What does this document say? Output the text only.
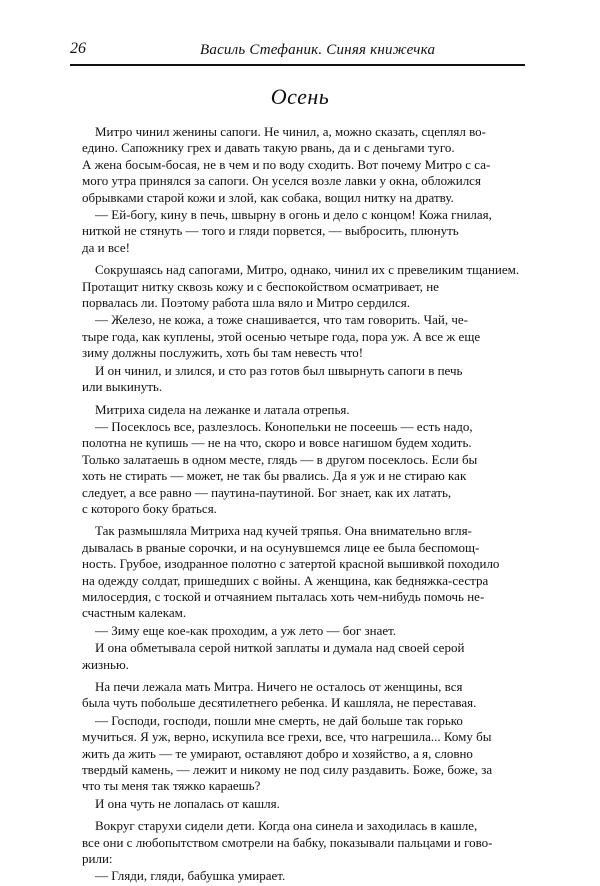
26	Василь Стефаник. Синяя книжечка
Осень
Митро чинил женины сапоги. Не чинил, а, можно сказать, сцеплял во-
едино. Сапожнику грех и давать такую рвань, да и с деньгами туго.
А жена босым-босая, не в чем и по воду сходить. Вот почему Митро с са-
мого утра принялся за сапоги. Он уселся возле лавки у окна, обложился
обрывками старой кожи и злой, как собака, вощил нитку на дратву.
— Ей-богу, кину в печь, швырну в огонь и дело с концом! Кожа гнилая,
ниткой не стянуть — того и гляди порвется, — выбросить, плюнуть
да и все!
Сокрушаясь над сапогами, Митро, однако, чинил их с превеликим тщанием.
Протащит нитку сквозь кожу и с беспокойством осматривает, не
порвалась ли. Поэтому работа шла вяло и Митро сердился.
— Железо, не кожа, а тоже снашивается, что там говорить. Чай, че-
тыре года, как куплены, этой осенью четыре года, пора уж. А все ж еще
зиму должны послужить, хоть бы там невесть что!
И он чинил, и злился, и сто раз готов был швырнуть сапоги в печь
или выкинуть.
Митриха сидела на лежанке и латала отрепья.
— Посеклось все, разлезлось. Конопельки не посеешь — есть надо,
полотна не купишь — не на что, скоро и вовсе нагишом будем ходить.
Только залатаешь в одном месте, глядь — в другом посеклось. Если бы
хоть не стирать — может, не так бы рвались. Да я уж и не стираю как
следует, а все равно — паутина-паутиной. Бог знает, как их латать,
с которого боку браться.
Так размышляла Митриха над кучей тряпья. Она внимательно вгля-
дывалась в рваные сорочки, и на осунувшемся лице ее была беспомощ-
ность. Грубое, изодранное полотно с затертой красной вышивкой походило
на одежду солдат, пришедших с войны. А женщина, как бедняжка-сестра
милосердия, с тоской и отчаянием пыталась хоть чем-нибудь помочь не-
счастным калекам.
— Зиму еще кое-как проходим, а уж лето — бог знает.
И она обметывала серой ниткой заплаты и думала над своей серой
жизнью.
На печи лежала мать Митра. Ничего не осталось от женщины, вся
была чуть побольше десятилетнего ребенка. И кашляла, не переставая.
— Господи, господи, пошли мне смерть, не дай больше так горько
мучиться. Я уж, верно, искупила все грехи, все, что нагрешила... Кому бы
жить да жить — те умирают, оставляют добро и хозяйство, а я, словно
твердый камень, — лежит и никому не под силу раздавить. Боже, боже, за
что ты меня так тяжко караешь?
И она чуть не лопалась от кашля.
Вокруг старухи сидели дети. Когда она синела и заходилась в кашле,
все они с любопытством смотрели на бабку, показывали пальцами и гово-
рили:
— Гляди, гляди, бабушка умирает.
